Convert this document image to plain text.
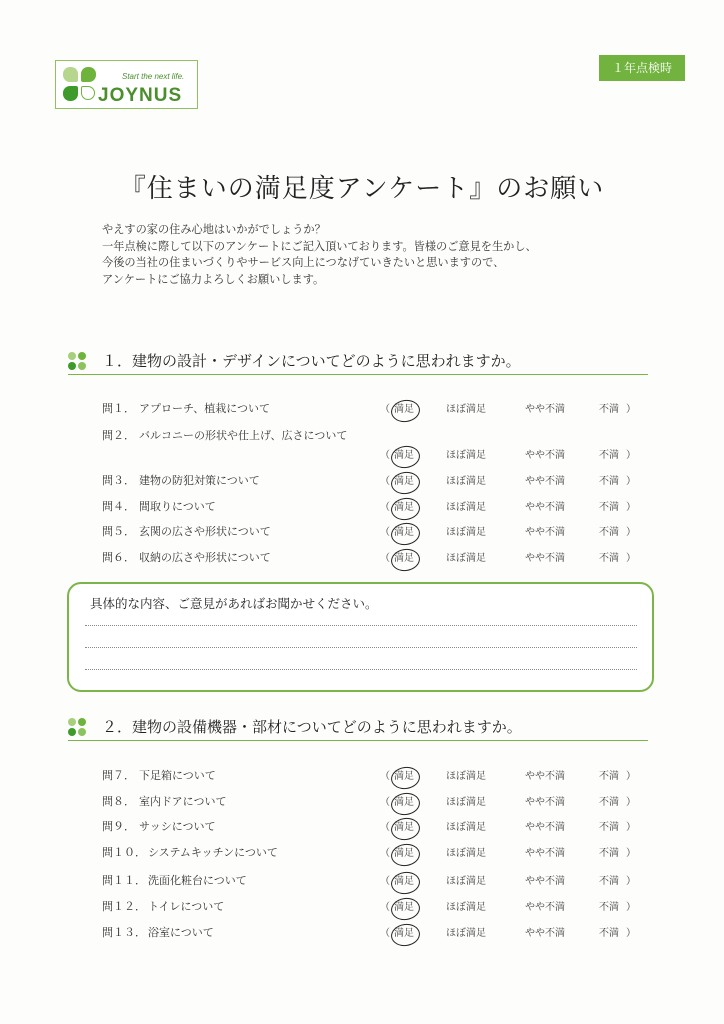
Start the next life.
JOYNUS
１年点検時
『住まいの満足度アンケート』のお願い
やえすの家の住み心地はいかがでしょうか？
一年点検に際して以下のアンケートにご記入頂いております。皆様のご意見を生かし、
今後の当社の住まいづくりやサービス向上につなげていきたいと思いますので、
アンケートにご協力よろしくお願いします。
１．建物の設計・デザインについてどのように思われますか。
問１． アプローチ、植栽について	（ 満足	ほぼ満足	やや不満	不満 ）
問２． バルコニーの形状や仕上げ、広さについて
（ 満足	ほぼ満足	やや不満	不満 ）
問３． 建物の防犯対策について	（ 満足	ほぼ満足	やや不満	不満 ）
問４． 間取りについて	（ 満足	ほぼ満足	やや不満	不満 ）
問５． 玄関の広さや形状について	（ 満足	ほぼ満足	やや不満	不満 ）
問６． 収納の広さや形状について	（ 満足	ほぼ満足	やや不満	不満 ）
具体的な内容、ご意見があればお聞かせください。
２．建物の設備機器・部材についてどのように思われますか。
問７． 下足箱について	（ 満足	ほぼ満足	やや不満	不満 ）
問８． 室内ドアについて	（ 満足	ほぼ満足	やや不満	不満 ）
問９． サッシについて	（ 満足	ほぼ満足	やや不満	不満 ）
問１０． システムキッチンについて	（ 満足	ほぼ満足	やや不満	不満 ）
問１１． 洗面化粧台について	（ 満足	ほぼ満足	やや不満	不満 ）
問１２． トイレについて	（ 満足	ほぼ満足	やや不満	不満 ）
問１３． 浴室について	（ 満足	ほぼ満足	やや不満	不満 ）
